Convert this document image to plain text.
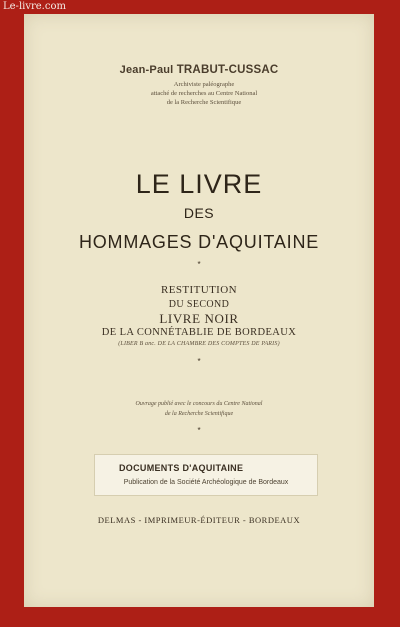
Le-livre.com
Jean-Paul TRABUT-CUSSAC
Archiviste paléographe
attaché de recherches au Centre National
de la Recherche Scientifique
LE LIVRE
DES
HOMMAGES D'AQUITAINE
*
RESTITUTION
DU SECOND
LIVRE NOIR
DE LA CONNÉTABLIE DE BORDEAUX
(LIBER B anc. DE LA CHAMBRE DES COMPTES DE PARIS)
*
Ouvrage publié avec le concours du Centre National
de la Recherche Scientifique
*
DOCUMENTS D'AQUITAINE
Publication de la Société Archéologique de Bordeaux
DELMAS - IMPRIMEUR-ÉDITEUR - BORDEAUX
